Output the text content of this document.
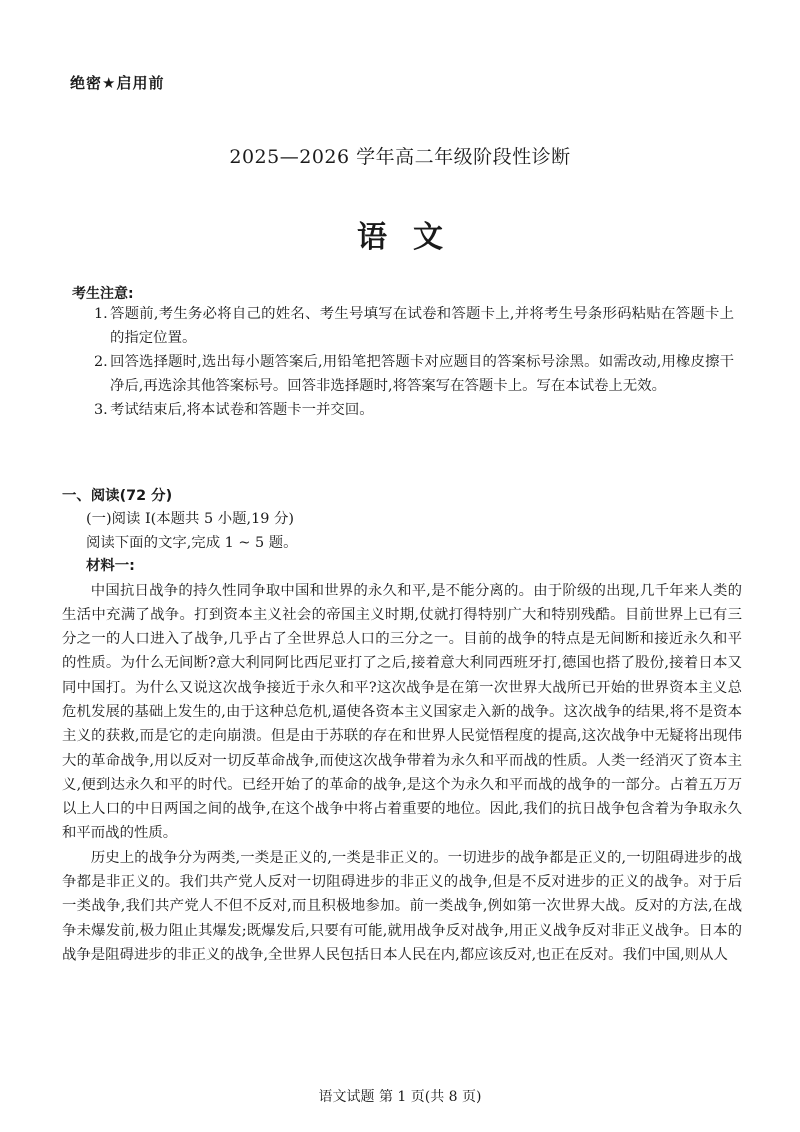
绝密★启用前
2025—2026 学年高二年级阶段性诊断
语文
考生注意:

1. 答题前,考生务必将自己的姓名、考生号填写在试卷和答题卡上,并将考生号条形码粘贴在答题卡上的指定位置。

2. 回答选择题时,选出每小题答案后,用铅笔把答题卡对应题目的答案标号涂黑。如需改动,用橡皮擦干净后,再选涂其他答案标号。回答非选择题时,将答案写在答题卡上。写在本试卷上无效。

3. 考试结束后,将本试卷和答题卡一并交回。

一、阅读(72 分)
(一)阅读 I(本题共 5 小题,19 分)
阅读下面的文字,完成 1 ~ 5 题。
材料一:

中国抗日战争的持久性同争取中国和世界的永久和平,是不能分离的。由于阶级的出现,几千年来人类的生活中充满了战争。打到资本主义社会的帝国主义时期,仗就打得特别广大和特别残酷。目前世界上已有三分之一的人口进入了战争,几乎占了全世界总人口的三分之一。目前的战争的特点是无间断和接近永久和平的性质。为什么无间断?意大利同阿比西尼亚打了之后,接着意大利同西班牙打,德国也搭了股份,接着日本又同中国打。为什么又说这次战争接近于永久和平?这次战争是在第一次世界大战所已开始的世界资本主义总危机发展的基础上发生的,由于这种总危机,逼使各资本主义国家走入新的战争。这次战争的结果,将不是资本主义的获救,而是它的走向崩溃。但是由于苏联的存在和世界人民觉悟程度的提高,这次战争中无疑将出现伟大的革命战争,用以反对一切反革命战争,而使这次战争带着为永久和平而战的性质。人类一经消灭了资本主义,便到达永久和平的时代。已经开始了的革命的战争,是这个为永久和平而战的战争的一部分。占着五万万以上人口的中日两国之间的战争,在这个战争中将占着重要的地位。因此,我们的抗日战争包含着为争取永久和平而战的性质。

历史上的战争分为两类,一类是正义的,一类是非正义的。一切进步的战争都是正义的,一切阻碍进步的战争都是非正义的。我们共产党人反对一切阻碍进步的非正义的战争,但是不反对进步的正义的战争。对于后一类战争,我们共产党人不但不反对,而且积极地参加。前一类战争,例如第一次世界大战。反对的方法,在战争未爆发前,极力阻止其爆发;既爆发后,只要有可能,就用战争反对战争,用正义战争反对非正义战争。日本的战争是阻碍进步的非正义的战争,全世界人民包括日本人民在内,都应该反对,也正在反对。我们中国,则从人

语文试题 第 1 页(共 8 页)
